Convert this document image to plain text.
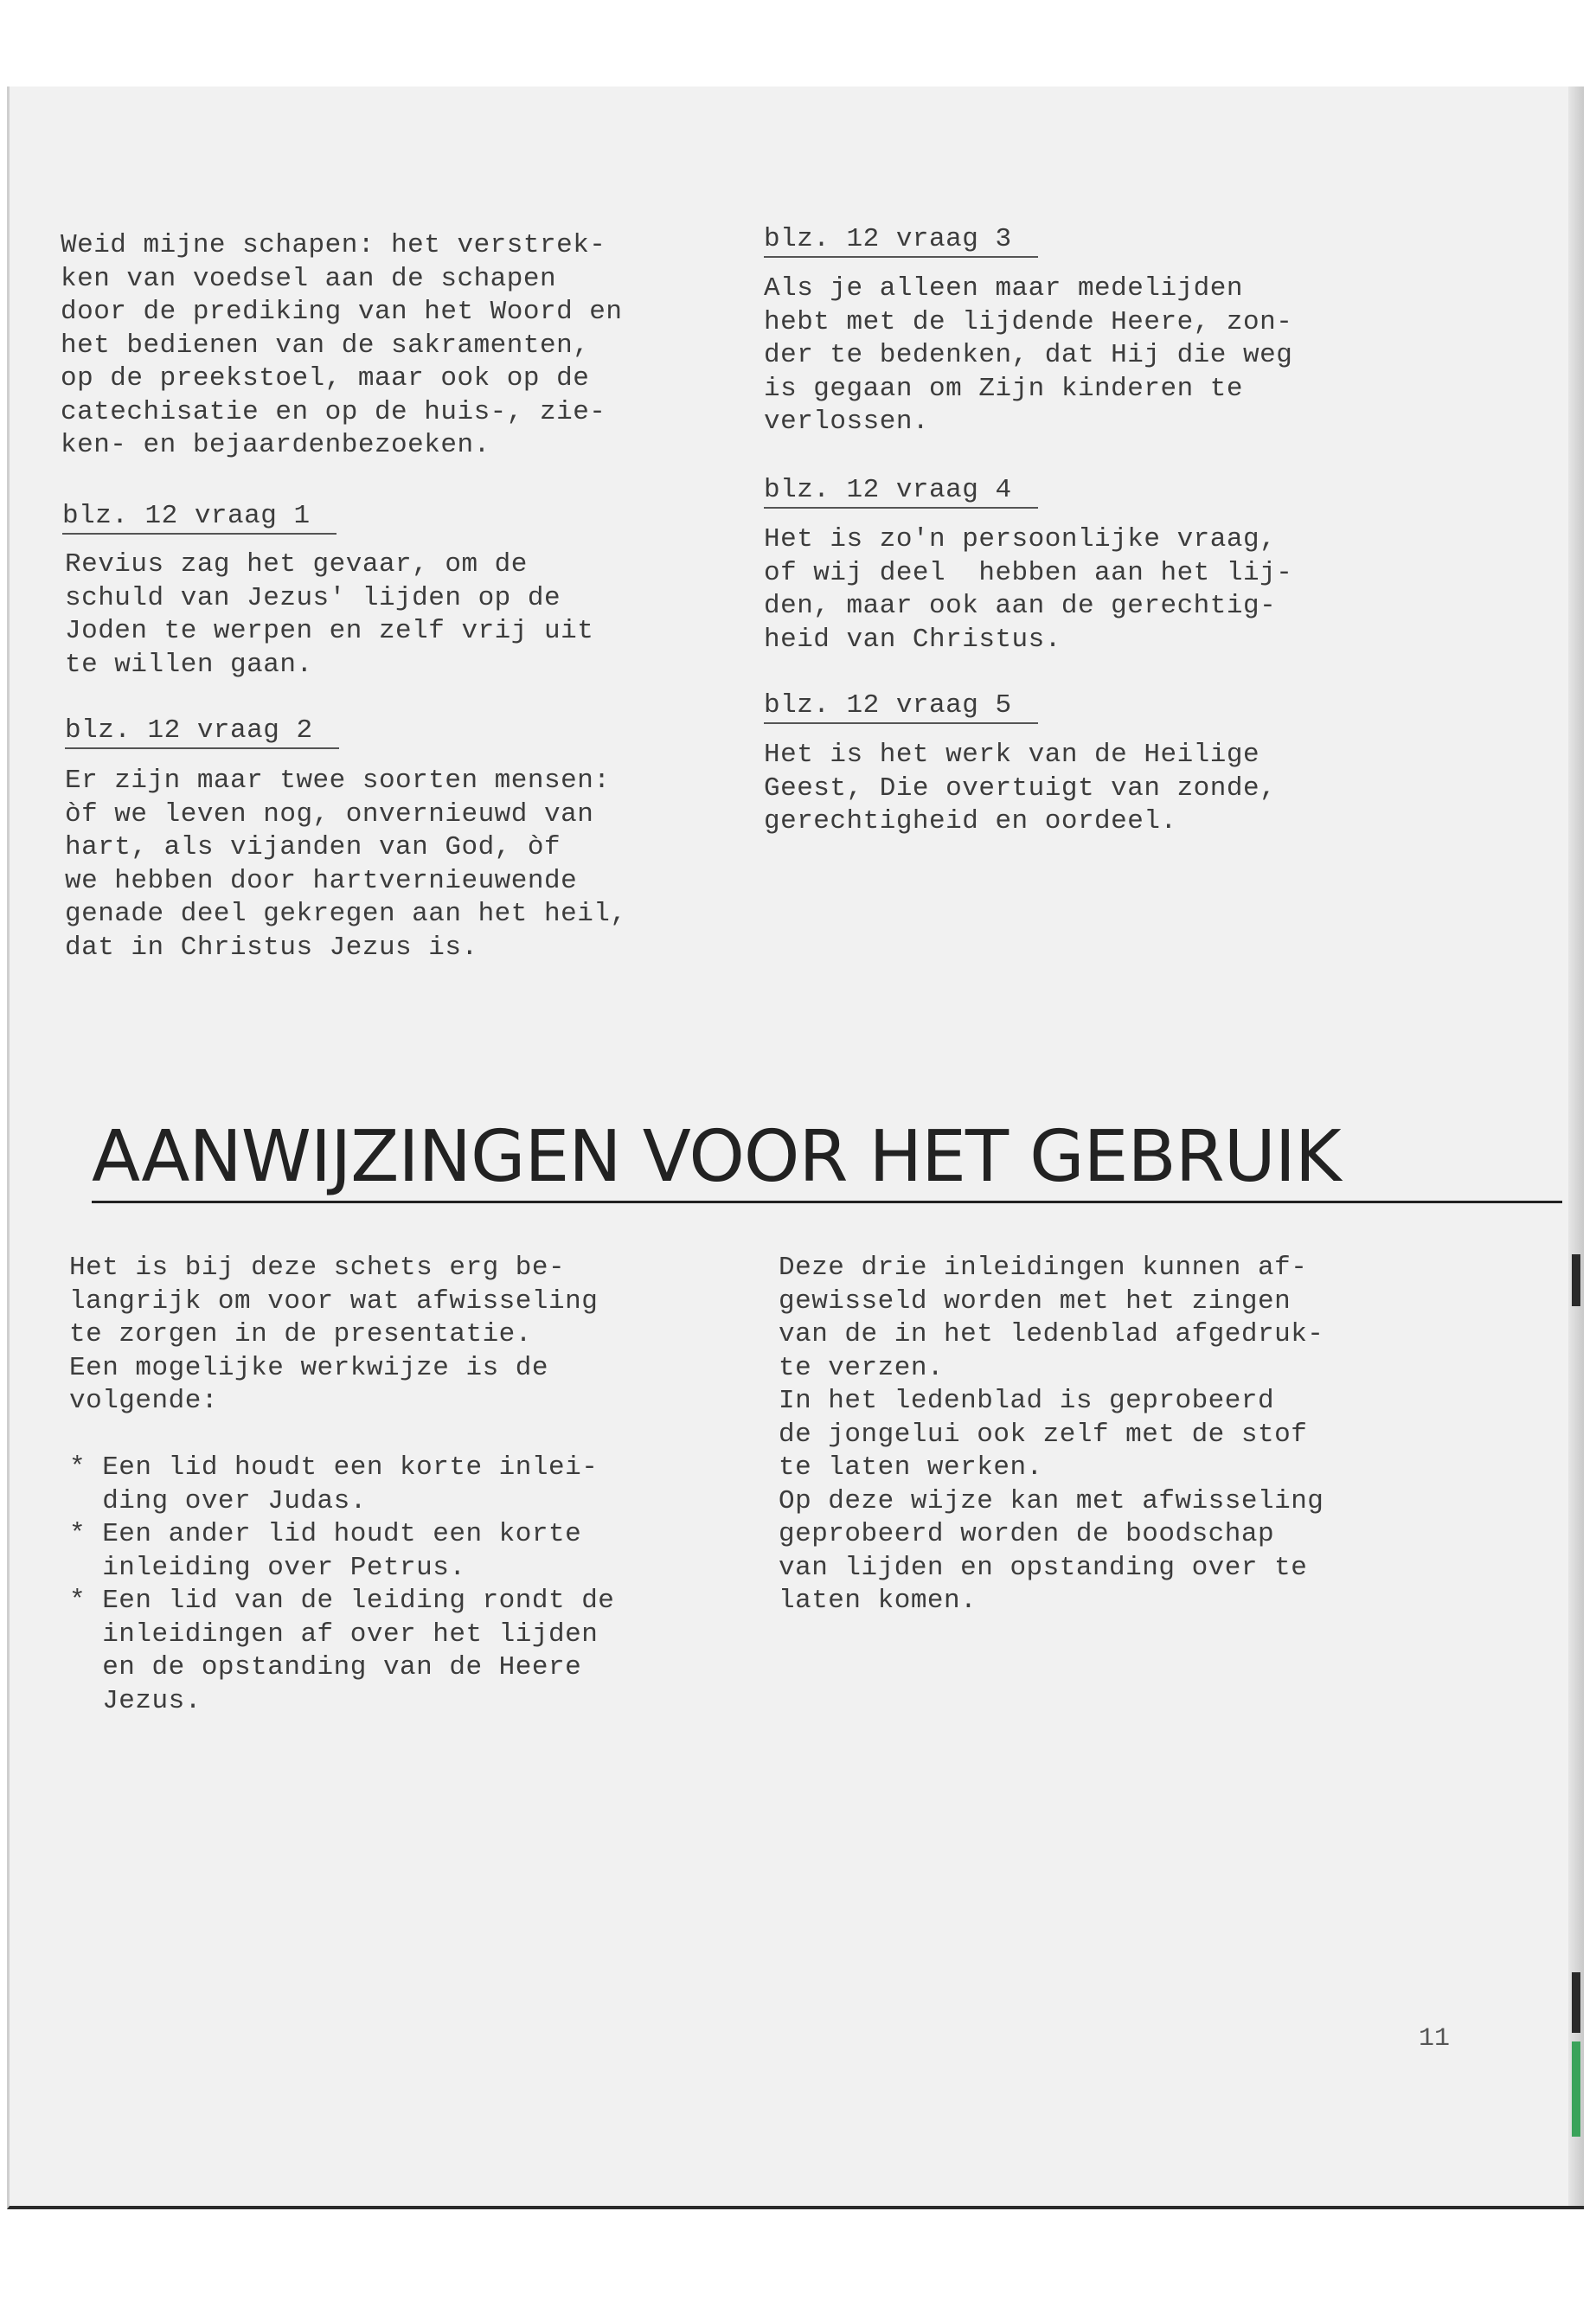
Weid mijne schapen: het verstrek-
ken van voedsel aan de schapen
door de prediking van het Woord en
het bedienen van de sakramenten,
op de preekstoel, maar ook op de
catechisatie en op de huis-, zie-
ken- en bejaardenbezoeken.
blz. 12 vraag 1
Revius zag het gevaar, om de
schuld van Jezus' lijden op de
Joden te werpen en zelf vrij uit
te willen gaan.
blz. 12 vraag 2
Er zijn maar twee soorten mensen:
òf we leven nog, onvernieuwd van
hart, als vijanden van God, òf
we hebben door hartvernieuwende
genade deel gekregen aan het heil,
dat in Christus Jezus is.
blz. 12 vraag 3
Als je alleen maar medelijden
hebt met de lijdende Heere, zon-
der te bedenken, dat Hij die weg
is gegaan om Zijn kinderen te
verlossen.
blz. 12 vraag 4
Het is zo'n persoonlijke vraag,
of wij deel  hebben aan het lij-
den, maar ook aan de gerechtig-
heid van Christus.
blz. 12 vraag 5
Het is het werk van de Heilige
Geest, Die overtuigt van zonde,
gerechtigheid en oordeel.
AANWIJZINGEN VOOR HET GEBRUIK
Het is bij deze schets erg be-
langrijk om voor wat afwisseling
te zorgen in de presentatie.
Een mogelijke werkwijze is de
volgende:

* Een lid houdt een korte inlei-
ding over Judas.
* Een ander lid houdt een korte
inleiding over Petrus.
* Een lid van de leiding rondt de
inleidingen af over het lijden
en de opstanding van de Heere
Jezus.
Deze drie inleidingen kunnen af-
gewisseld worden met het zingen
van de in het ledenblad afgedruk-
te verzen.
In het ledenblad is geprobeerd
de jongelui ook zelf met de stof
te laten werken.
Op deze wijze kan met afwisseling
geprobeerd worden de boodschap
van lijden en opstanding over te
laten komen.
11
